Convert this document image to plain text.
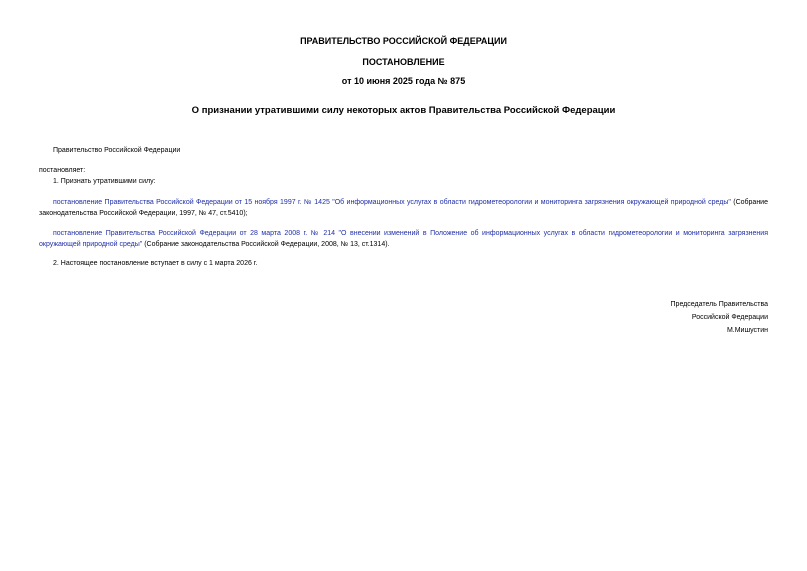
ПРАВИТЕЛЬСТВО РОССИЙСКОЙ ФЕДЕРАЦИИ
ПОСТАНОВЛЕНИЕ
от 10 июня 2025 года № 875
О признании утратившими силу некоторых актов Правительства Российской Федерации
Правительство Российской Федерации
постановляет:
1. Признать утратившими силу:
постановление Правительства Российской Федерации от 15 ноября 1997 г. № 1425 "Об информационных услугах в области гидрометеорологии и мониторинга загрязнения окружающей природной среды" (Собрание законодательства Российской Федерации, 1997, № 47, ст.5410);
постановление Правительства Российской Федерации от 28 марта 2008 г. № 214 "О внесении изменений в Положение об информационных услугах в области гидрометеорологии и мониторинга загрязнения окружающей природной среды" (Собрание законодательства Российской Федерации, 2008, № 13, ст.1314).
2. Настоящее постановление вступает в силу с 1 марта 2026 г.
Председатель Правительства
Российской Федерации
М.Мишустин
